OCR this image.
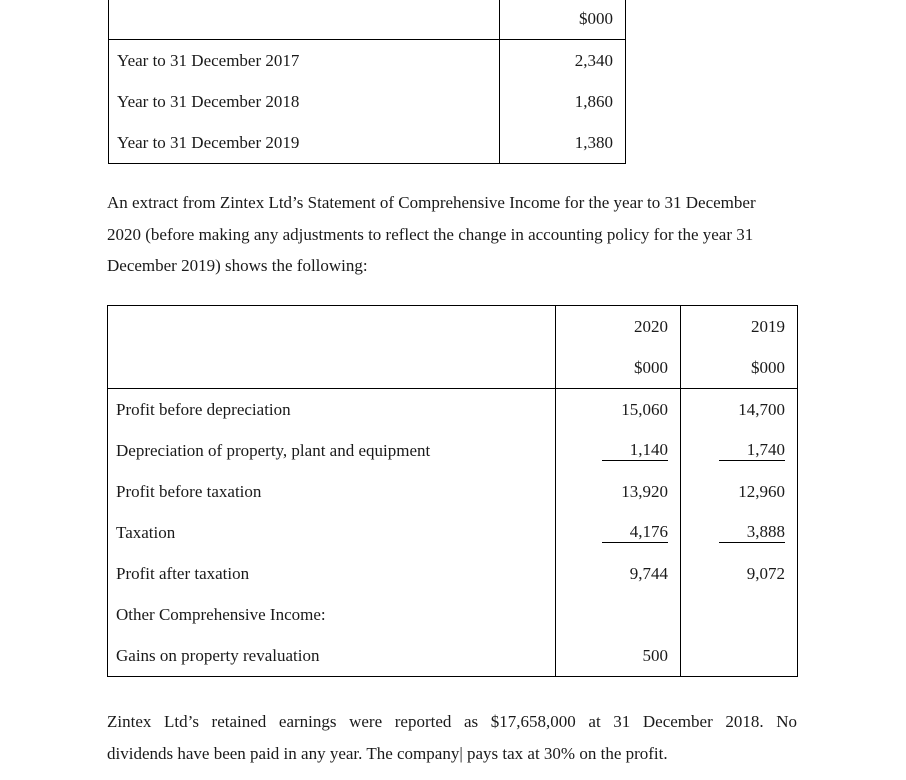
	$000
Year to 31 December 2017	2,340
Year to 31 December 2018	1,860
Year to 31 December 2019	1,380

An extract from Zintex Ltd’s Statement of Comprehensive Income for the year to 31 December
2020 (before making any adjustments to reflect the change in accounting policy for the year 31
December 2019) shows the following:

	2020	2019
	$000	$000
Profit before depreciation	15,060	14,700
Depreciation of property, plant and equipment	1,140	1,740
Profit before taxation	13,920	12,960
Taxation	4,176	3,888
Profit after taxation	9,744	9,072
Other Comprehensive Income:		
Gains on property revaluation	500	

Zintex Ltd’s retained earnings were reported as $17,658,000 at 31 December 2018. No
dividends have been paid in any year. The company| pays tax at 30% on the profit.
